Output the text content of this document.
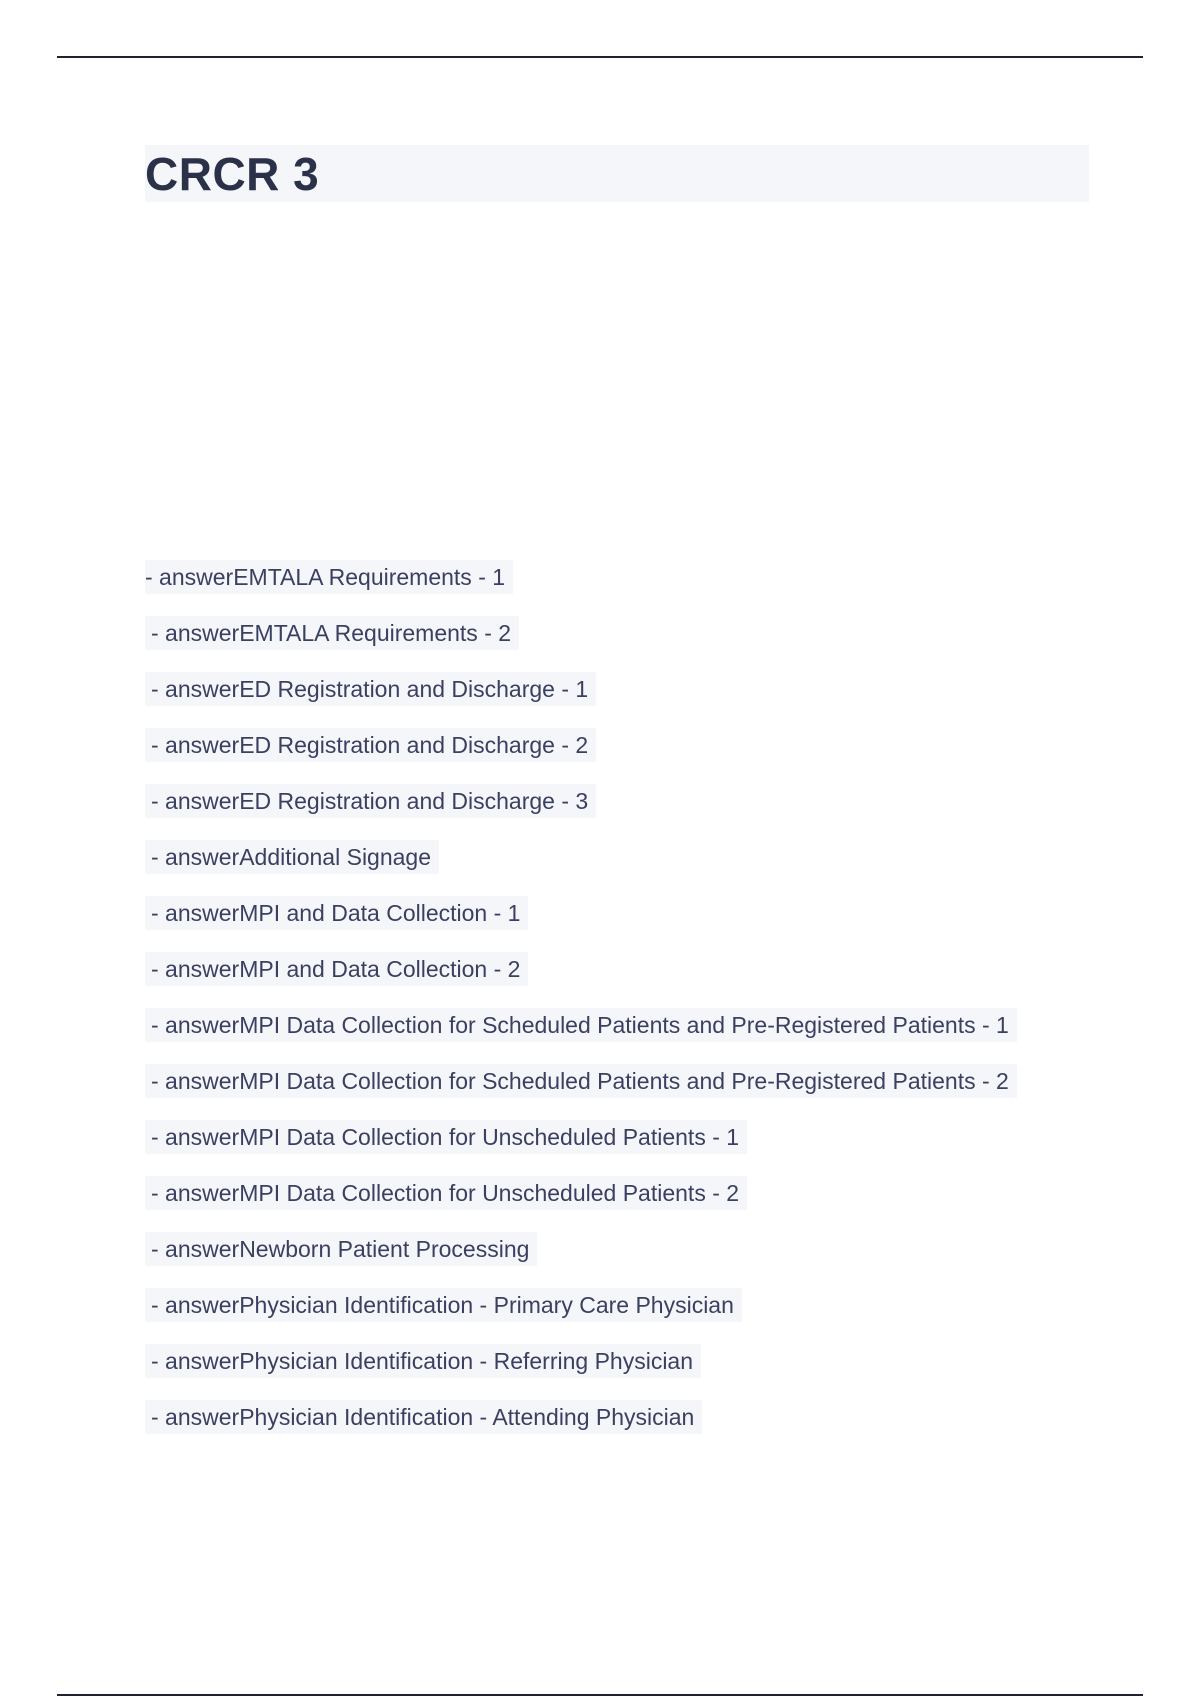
CRCR 3
- answerEMTALA Requirements - 1
- answerEMTALA Requirements - 2
- answerED Registration and Discharge - 1
- answerED Registration and Discharge - 2
- answerED Registration and Discharge - 3
- answerAdditional Signage
- answerMPI and Data Collection - 1
- answerMPI and Data Collection - 2
- answerMPI Data Collection for Scheduled Patients and Pre-Registered Patients - 1
- answerMPI Data Collection for Scheduled Patients and Pre-Registered Patients - 2
- answerMPI Data Collection for Unscheduled Patients - 1
- answerMPI Data Collection for Unscheduled Patients - 2
- answerNewborn Patient Processing
- answerPhysician Identification - Primary Care Physician
- answerPhysician Identification - Referring Physician
- answerPhysician Identification - Attending Physician
